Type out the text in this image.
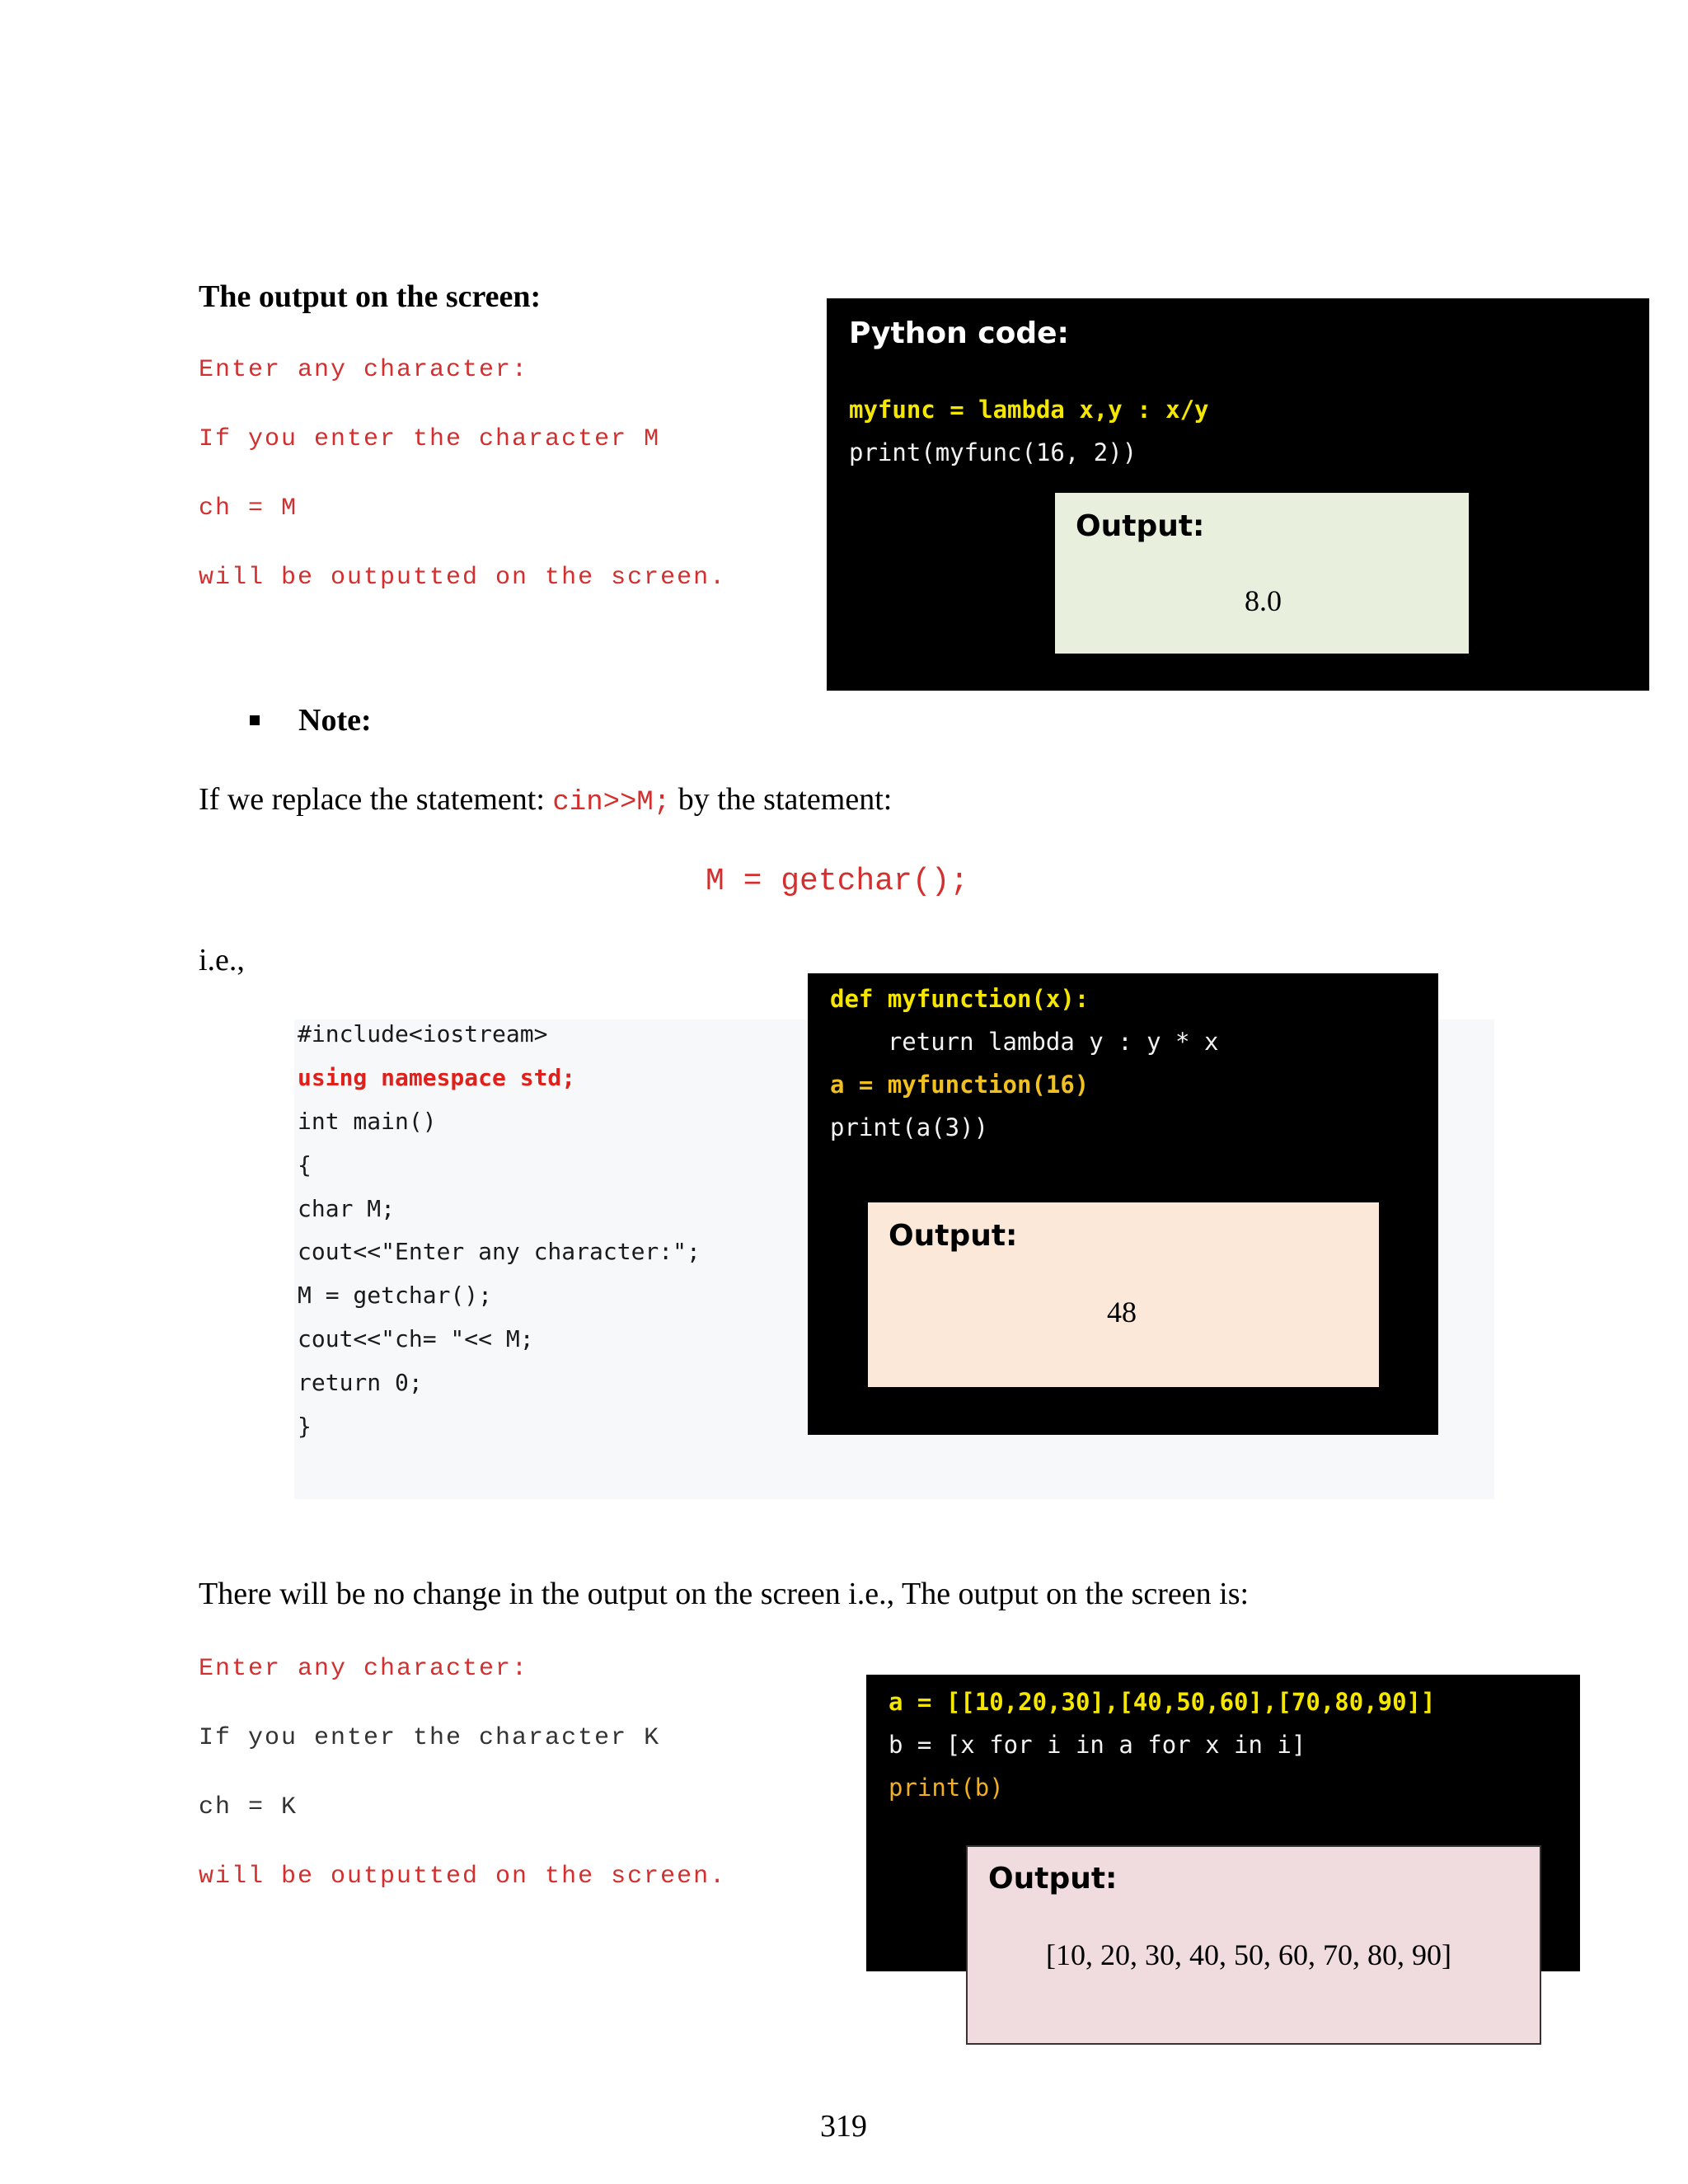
The output on the screen:
Enter any character:
If you enter the character M
ch = M
will be outputted on the screen.
Python code:
myfunc = lambda x,y : x/y
print(myfunc(16, 2))
Output:
8.0
Note:
If we replace the statement: cin>>M; by the statement:
M = getchar();
i.e.,
#include<iostream>
using namespace std;
int main()
{
char M;
cout<<"Enter any character:";
M = getchar();
cout<<"ch= "<< M;
return 0;
}
def myfunction(x):
return lambda y : y * x
a = myfunction(16)
print(a(3))
Output:
48
There will be no change in the output on the screen i.e., The output on the screen is:
Enter any character:
If you enter the character K
ch = K
will be outputted on the screen.
a = [[10,20,30],[40,50,60],[70,80,90]]
b = [x for i in a for x in i]
print(b)
Output:
[10, 20, 30, 40, 50, 60, 70, 80, 90]
319
